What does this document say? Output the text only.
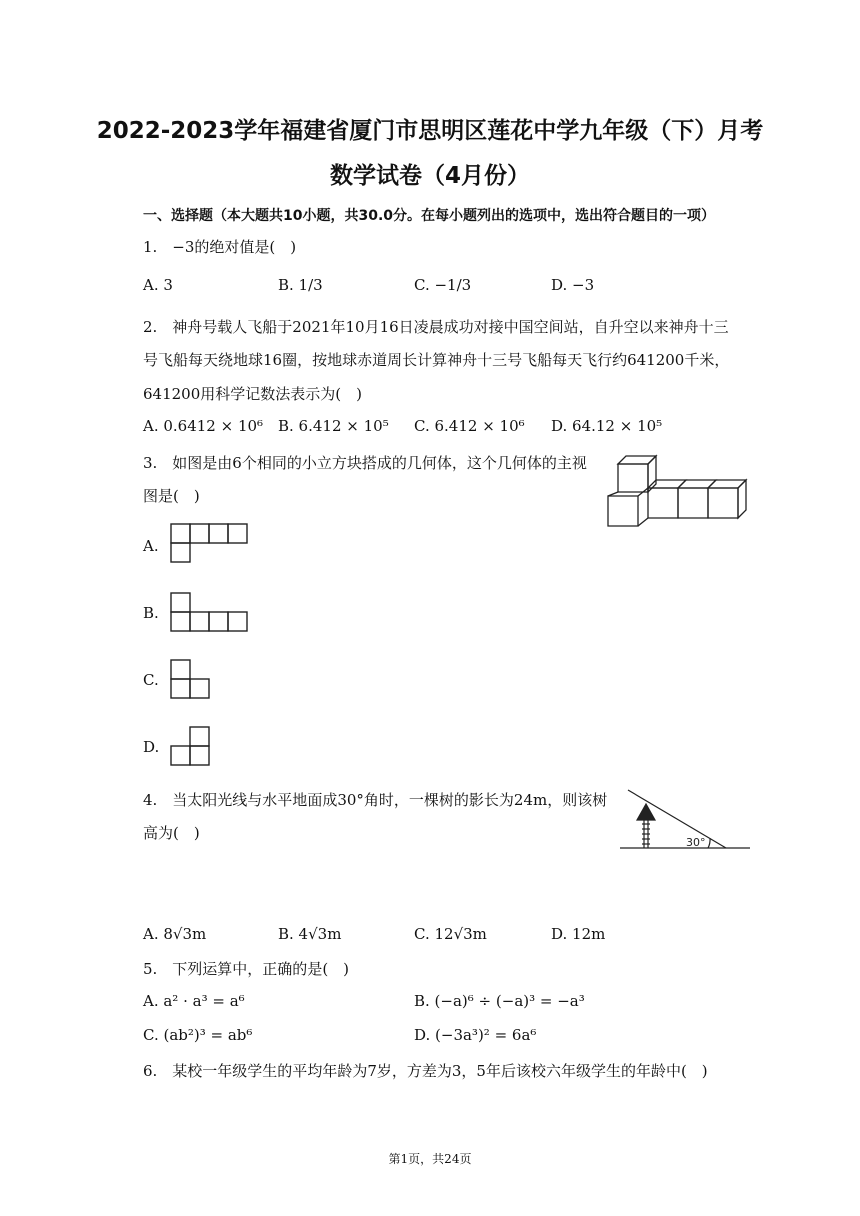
2022-2023学年福建省厦门市思明区莲花中学九年级（下）月考
数学试卷（4月份）
一、选择题（本大题共10小题，共30.0分。在每小题列出的选项中，选出符合题目的一项）
1.　−3的绝对值是(　)
A. 3	B. 1/3	C. −1/3	D. −3
2.　神舟号载人飞船于2021年10月16日凌晨成功对接中国空间站，自升空以来神舟十三
号飞船每天绕地球16圈，按地球赤道周长计算神舟十三号飞船每天飞行约641200千米，
641200用科学记数法表示为(　)
A. 0.6412 × 10⁶ B. 6.412 × 10⁵ C. 6.412 × 10⁶ D. 64.12 × 10⁵
3.　如图是由6个相同的小立方块搭成的几何体，这个几何体的主视
图是(　)
A.
B.
C.
D.
4.　当太阳光线与水平地面成30°角时，一棵树的影长为24m，则该树
高为(　)
30°
A. 8√3m	B. 4√3m	C. 12√3m	D. 12m
5.　下列运算中，正确的是(　)
A. a² · a³ = a⁶	B. (−a)⁶ ÷ (−a)³ = −a³
C. (ab²)³ = ab⁶	D. (−3a³)² = 6a⁶
6.　某校一年级学生的平均年龄为7岁，方差为3，5年后该校六年级学生的年龄中(　)
第1页，共24页
